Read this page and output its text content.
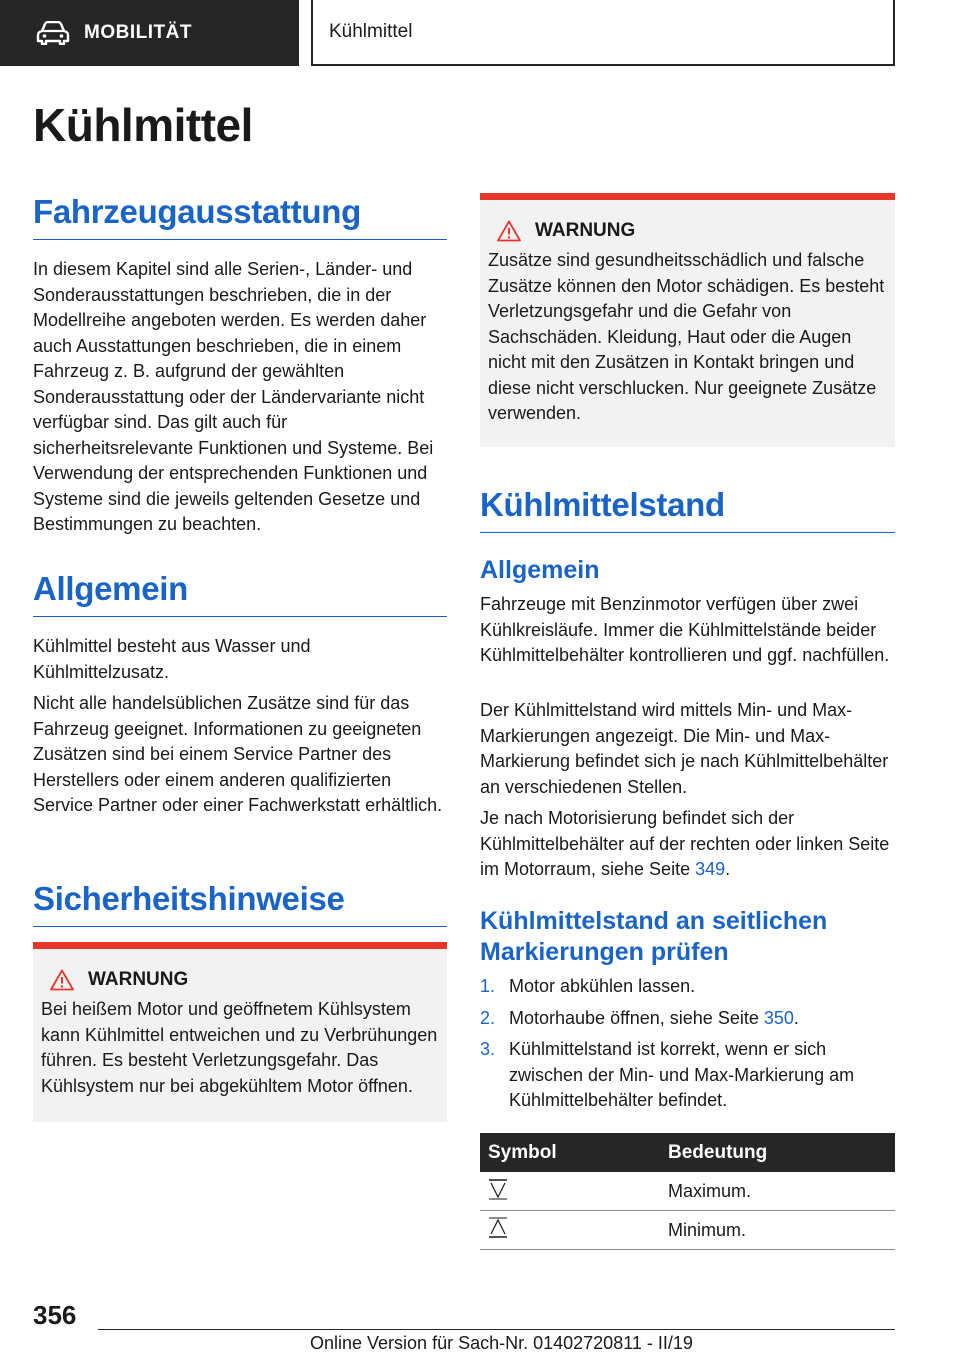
MOBILITÄT	Kühlmittel
Kühlmittel
Fahrzeugausstattung

In diesem Kapitel sind alle Serien-, Länder- und Sonderausstattungen beschrieben, die in der Modellreihe angeboten werden. Es werden daher auch Ausstattungen beschrieben, die in einem Fahrzeug z. B. aufgrund der gewählten Sonderausstattung oder der Ländervariante nicht verfügbar sind. Das gilt auch für sicherheitsrelevante Funktionen und Systeme. Bei Verwendung der entsprechenden Funktionen und Systeme sind die jeweils geltenden Gesetze und Bestimmungen zu beachten.

Allgemein

Kühlmittel besteht aus Wasser und Kühlmittelzusatz.

Nicht alle handelsüblichen Zusätze sind für das Fahrzeug geeignet. Informationen zu geeigneten Zusätzen sind bei einem Service Partner des Herstellers oder einem anderen qualifizierten Service Partner oder einer Fachwerkstatt erhältlich.

Sicherheitshinweise
WARNUNG

Bei heißem Motor und geöffnetem Kühlsystem kann Kühlmittel entweichen und zu Verbrühungen führen. Es besteht Verletzungsgefahr. Das Kühlsystem nur bei abgekühltem Motor öffnen.

WARNUNG

Zusätze sind gesundheitsschädlich und falsche Zusätze können den Motor schädigen. Es besteht Verletzungsgefahr und die Gefahr von Sachschäden. Kleidung, Haut oder die Augen nicht mit den Zusätzen in Kontakt bringen und diese nicht verschlucken. Nur geeignete Zusätze verwenden.

Kühlmittelstand
Allgemein

Fahrzeuge mit Benzinmotor verfügen über zwei Kühlkreisläufe. Immer die Kühlmittelstände beider Kühlmittelbehälter kontrollieren und ggf. nachfüllen.

Der Kühlmittelstand wird mittels Min- und Max-Markierungen angezeigt. Die Min- und Max-Markierung befindet sich je nach Kühlmittelbehälter an verschiedenen Stellen.

Je nach Motorisierung befindet sich der Kühlmittelbehälter auf der rechten oder linken Seite im Motorraum, siehe Seite 349.

Kühlmittelstand an seitlichen Markierungen prüfen
1. Motor abkühlen lassen.
2. Motorhaube öffnen, siehe Seite 350.
3. Kühlmittelstand ist korrekt, wenn er sich zwischen der Min- und Max-Markierung am Kühlmittelbehälter befindet.
Symbol	Bedeutung
	Maximum.
	Minimum.
356
Online Version für Sach-Nr. 01402720811 - II/19
